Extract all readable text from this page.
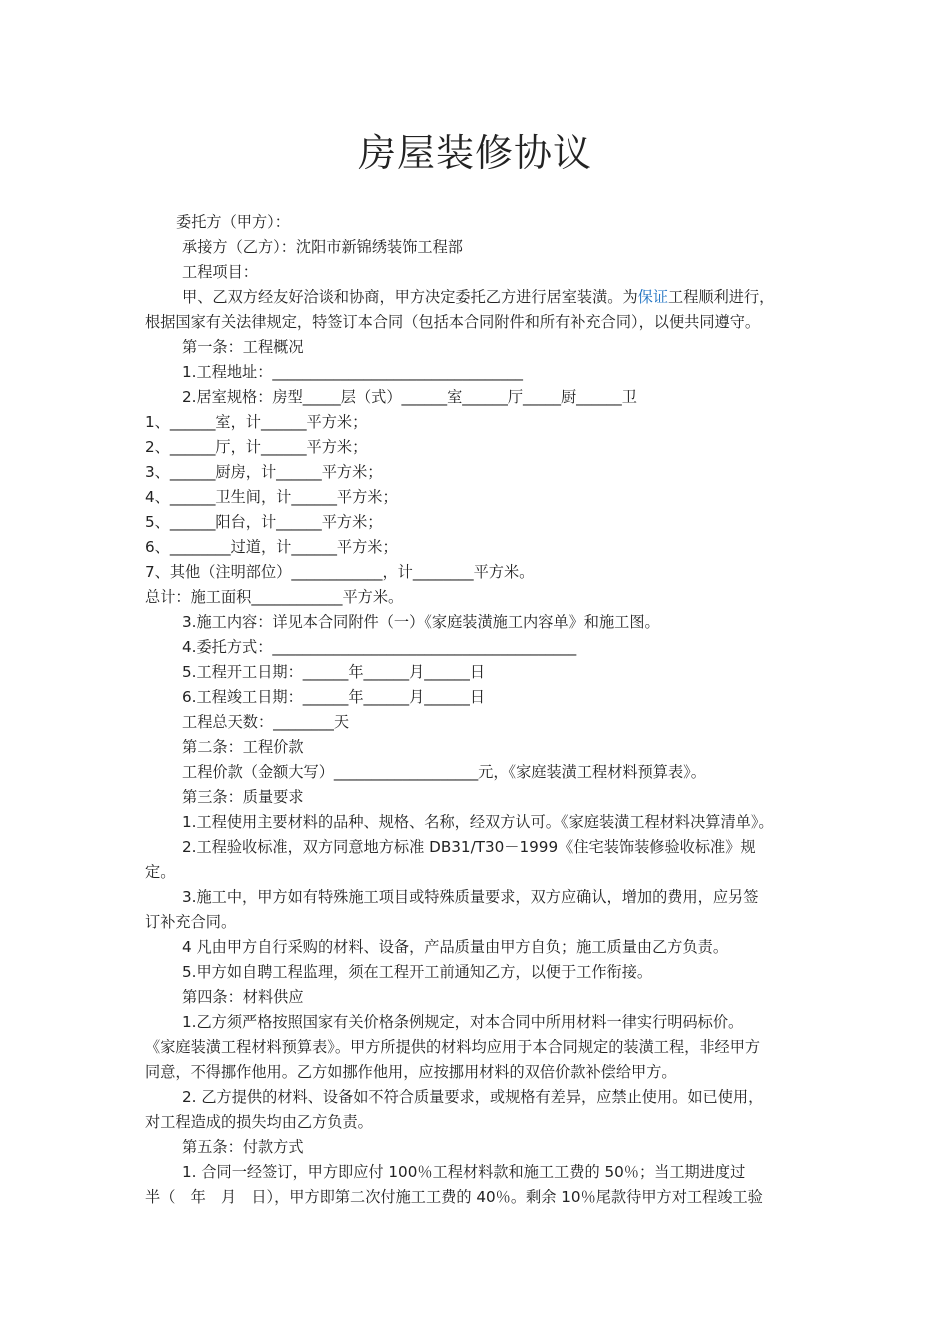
房屋装修协议
委托方（甲方）：
承接方（乙方）：沈阳市新锦绣装饰工程部
工程项目：
甲、乙双方经友好洽谈和协商，甲方决定委托乙方进行居室装潢。为保证工程顺利进行，
根据国家有关法律规定，特签订本合同（包括本合同附件和所有补充合同），以便共同遵守。
第一条：工程概况
1.工程地址：_________________________________
2.居室规格：房型_____层（式）______室______厅_____厨______卫
1、______室，计______平方米；
2、______厅，计______平方米；
3、______厨房，计______平方米；
4、______卫生间，计______平方米；
5、______阳台，计______平方米；
6、________过道，计______平方米；
7、其他（注明部位）____________，计________平方米。
总计：施工面积____________平方米。
3.施工内容：详见本合同附件（一）《家庭装潢施工内容单》和施工图。
4.委托方式：________________________________________
5.工程开工日期：______年______月______日
6.工程竣工日期：______年______月______日
工程总天数：________天
第二条：工程价款
工程价款（金额大写）___________________元，《家庭装潢工程材料预算表》。
第三条：质量要求
1.工程使用主要材料的品种、规格、名称，经双方认可。《家庭装潢工程材料决算清单》。
2.工程验收标准，双方同意地方标准 DB31/T30－1999《住宅装饰装修验收标准》规
定。
3.施工中，甲方如有特殊施工项目或特殊质量要求，双方应确认，增加的费用，应另签
订补充合同。
4 凡由甲方自行采购的材料、设备，产品质量由甲方自负；施工质量由乙方负责。
5.甲方如自聘工程监理，须在工程开工前通知乙方，以便于工作衔接。
第四条：材料供应
1.乙方须严格按照国家有关价格条例规定，对本合同中所用材料一律实行明码标价。
《家庭装潢工程材料预算表》。甲方所提供的材料均应用于本合同规定的装潢工程，非经甲方
同意，不得挪作他用。乙方如挪作他用，应按挪用材料的双倍价款补偿给甲方。
2. 乙方提供的材料、设备如不符合质量要求，或规格有差异，应禁止使用。如已使用，
对工程造成的损失均由乙方负责。
第五条：付款方式
1. 合同一经签订，甲方即应付 100％工程材料款和施工工费的 50％；当工期进度过
半（　年　月　日），甲方即第二次付施工工费的 40％。剩余 10％尾款待甲方对工程竣工验
